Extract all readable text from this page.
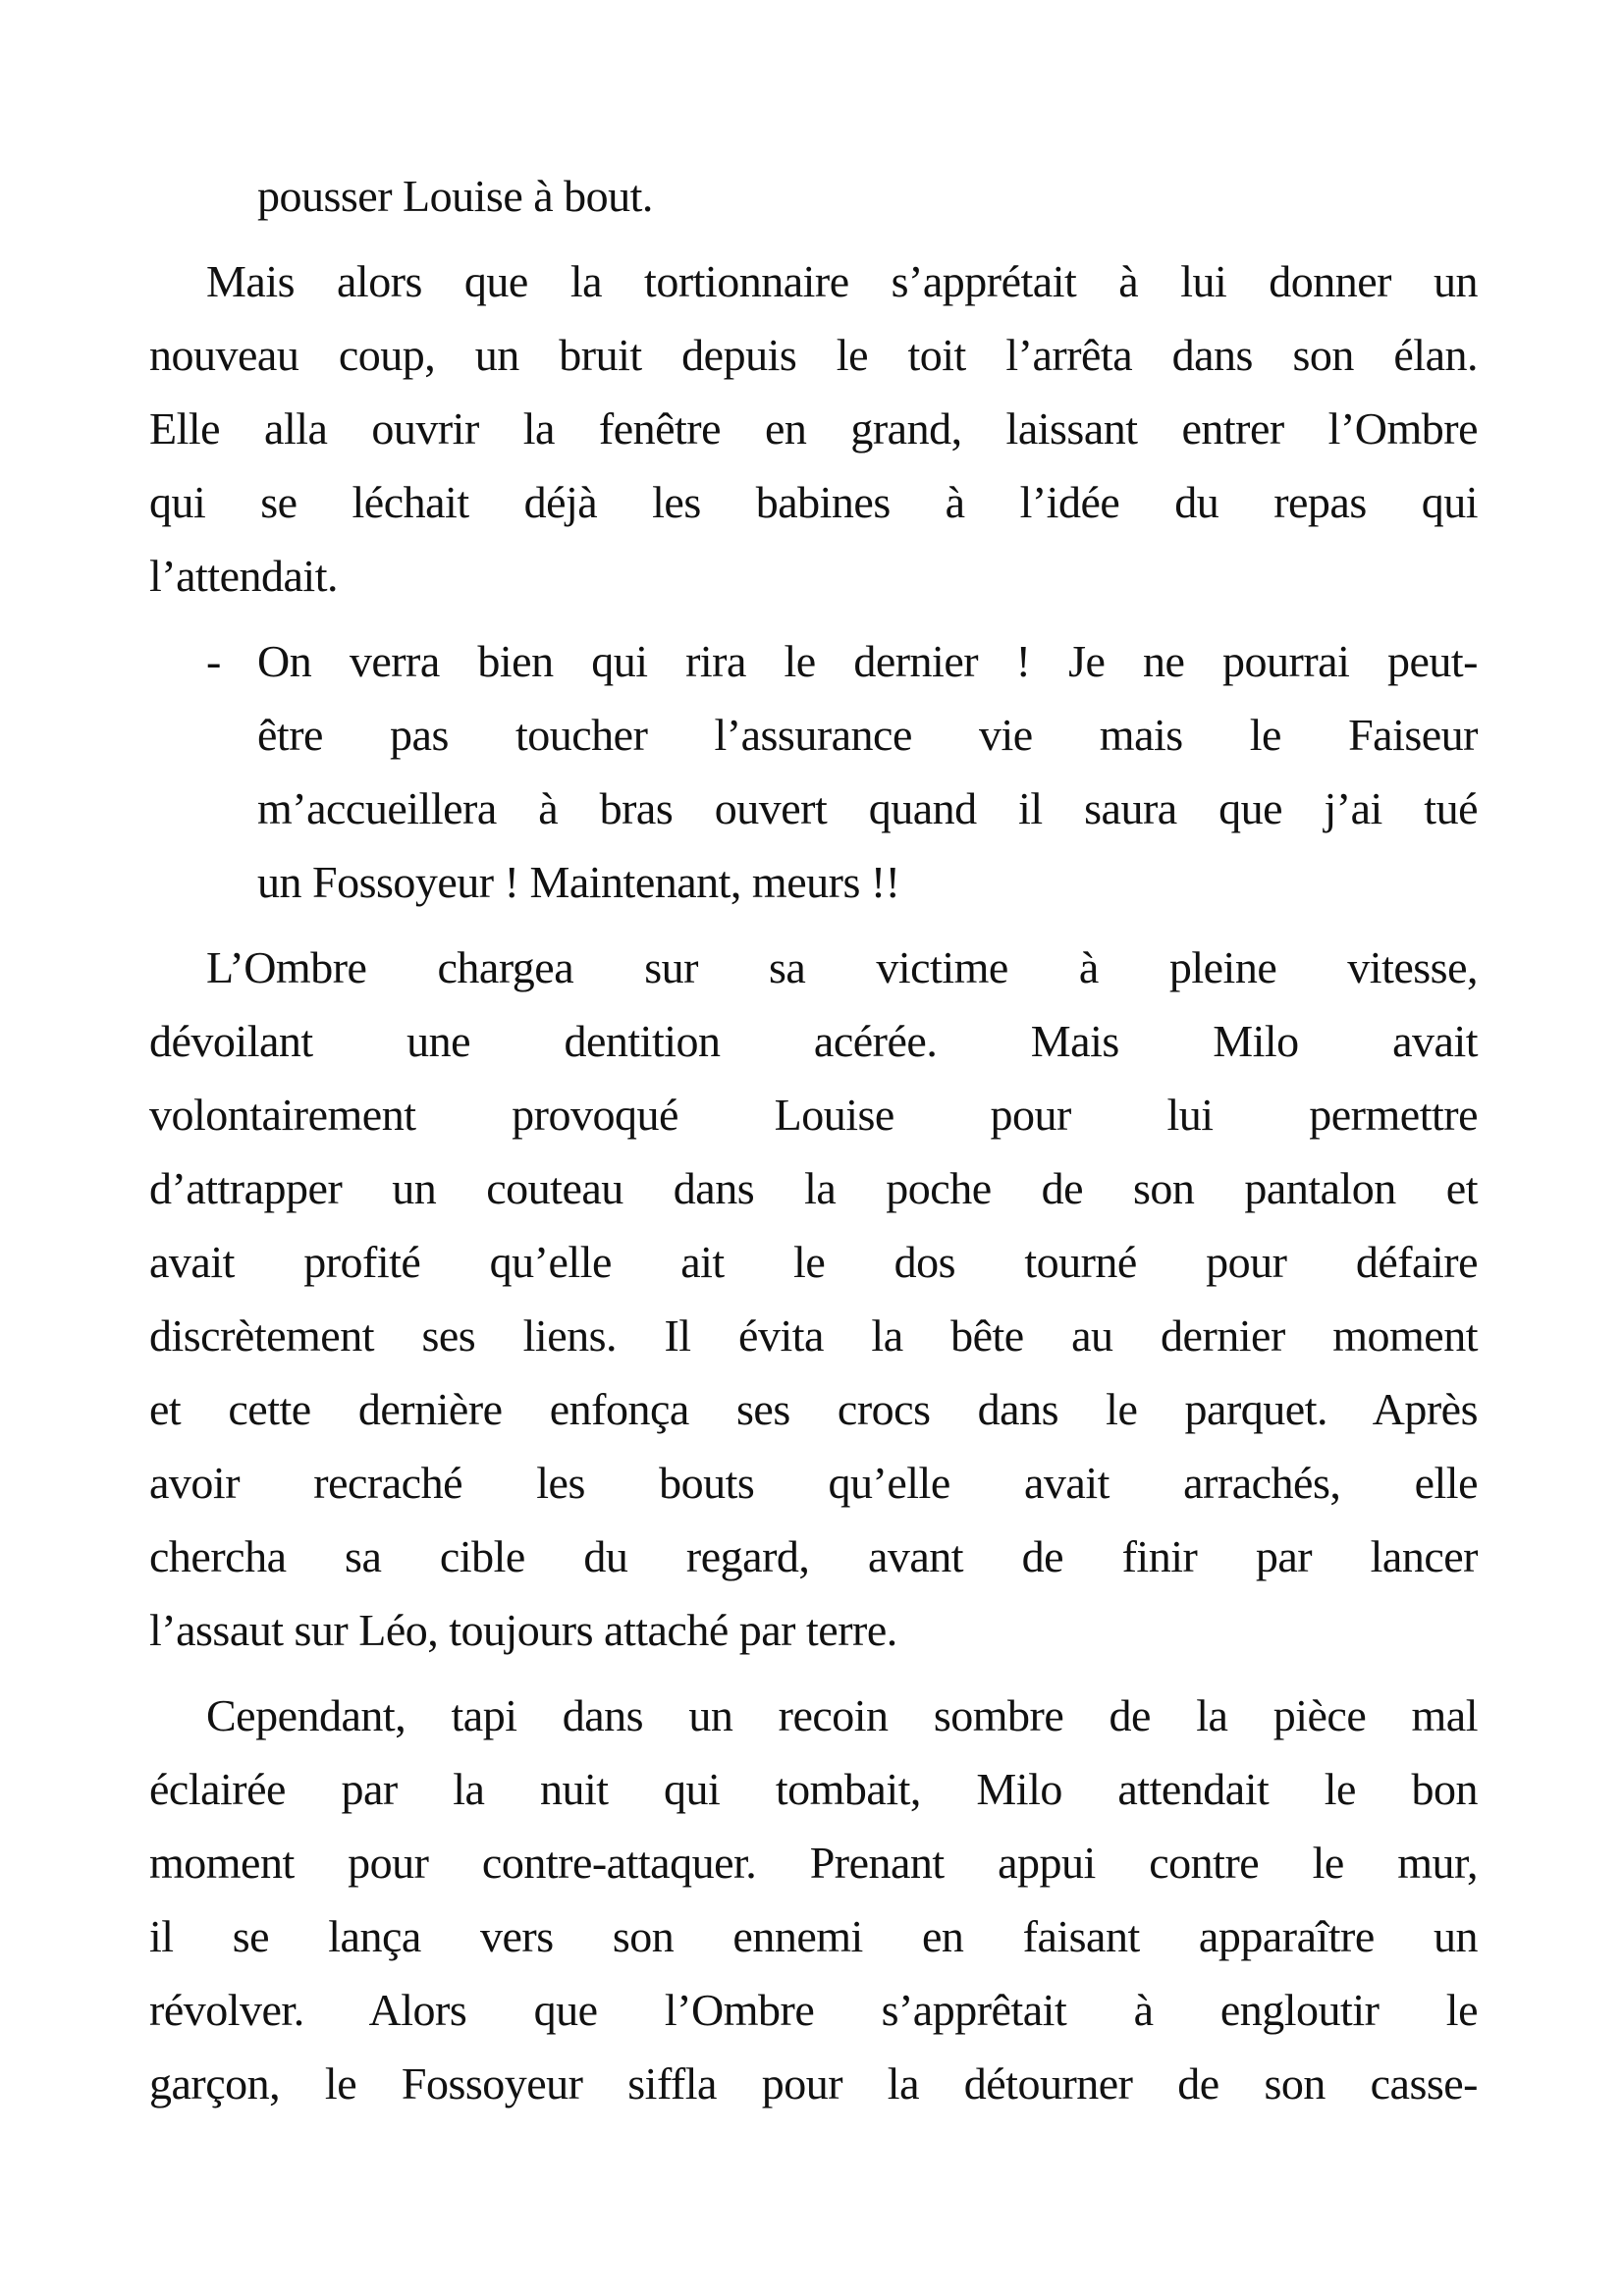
pousser Louise à bout.
Mais alors que la tortionnaire s’apprétait à lui donner un
nouveau coup, un bruit depuis le toit l’arrêta dans son élan.
Elle alla ouvrir la fenêtre en grand, laissant entrer l’Ombre
qui se léchait déjà les babines à l’idée du repas qui
l’attendait.
- On verra bien qui rira le dernier ! Je ne pourrai peut-
être pas toucher l’assurance vie mais le Faiseur
m’accueillera à bras ouvert quand il saura que j’ai tué
un Fossoyeur ! Maintenant, meurs !!
L’Ombre chargea sur sa victime à pleine vitesse,
dévoilant une dentition acérée. Mais Milo avait
volontairement provoqué Louise pour lui permettre
d’attrapper un couteau dans la poche de son pantalon et
avait profité qu’elle ait le dos tourné pour défaire
discrètement ses liens. Il évita la bête au dernier moment
et cette dernière enfonça ses crocs dans le parquet. Après
avoir recraché les bouts qu’elle avait arrachés, elle
chercha sa cible du regard, avant de finir par lancer
l’assaut sur Léo, toujours attaché par terre.
Cependant, tapi dans un recoin sombre de la pièce mal
éclairée par la nuit qui tombait, Milo attendait le bon
moment pour contre-attaquer. Prenant appui contre le mur,
il se lança vers son ennemi en faisant apparaître un
révolver. Alors que l’Ombre s’apprêtait à engloutir le
garçon, le Fossoyeur siffla pour la détourner de son casse-
